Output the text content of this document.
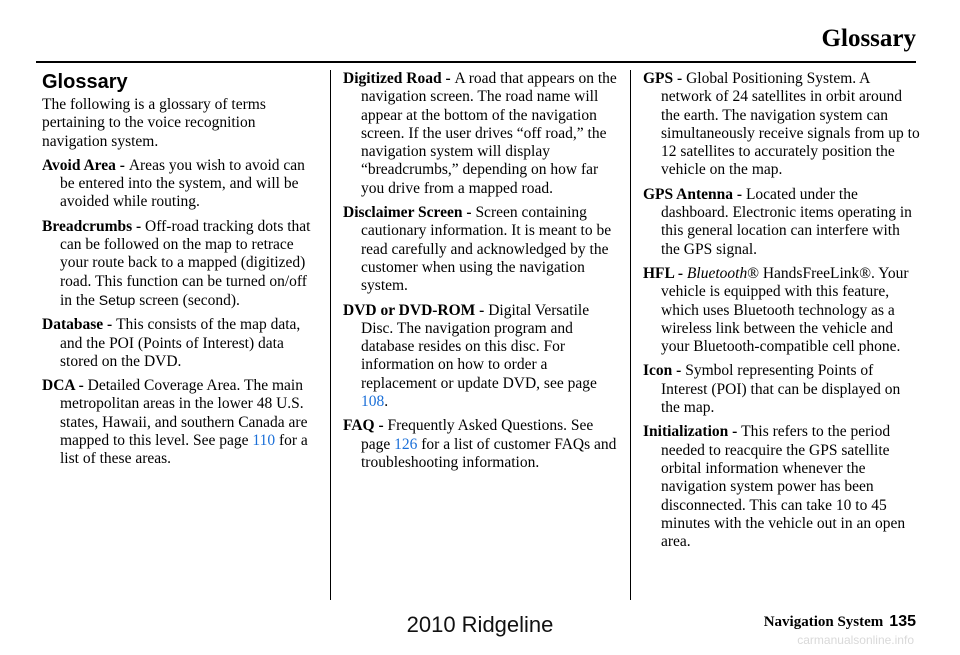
Glossary
Glossary

The following is a glossary of terms pertaining to the voice recognition navigation system.

Avoid Area - Areas you wish to avoid can be entered into the system, and will be avoided while routing.

Breadcrumbs - Off-road tracking dots that can be followed on the map to retrace your route back to a mapped (digitized) road. This function can be turned on/off in the Setup screen (second).

Database - This consists of the map data, and the POI (Points of Interest) data stored on the DVD.

DCA - Detailed Coverage Area. The main metropolitan areas in the lower 48 U.S. states, Hawaii, and southern Canada are mapped to this level. See page 110 for a list of these areas.

Digitized Road - A road that appears on the navigation screen. The road name will appear at the bottom of the navigation screen. If the user drives “off road,” the navigation system will display “breadcrumbs,” depending on how far you drive from a mapped road.

Disclaimer Screen - Screen containing cautionary information. It is meant to be read carefully and acknowledged by the customer when using the navigation system.

DVD or DVD-ROM - Digital Versatile Disc. The navigation program and database resides on this disc. For information on how to order a replacement or update DVD, see page 108.

FAQ - Frequently Asked Questions. See page 126 for a list of customer FAQs and troubleshooting information.

GPS - Global Positioning System. A network of 24 satellites in orbit around the earth. The navigation system can simultaneously receive signals from up to 12 satellites to accurately position the vehicle on the map.

GPS Antenna - Located under the dashboard. Electronic items operating in this general location can interfere with the GPS signal.

HFL - Bluetooth® HandsFreeLink®. Your vehicle is equipped with this feature, which uses Bluetooth technology as a wireless link between the vehicle and your Bluetooth-compatible cell phone.

Icon - Symbol representing Points of Interest (POI) that can be displayed on the map.

Initialization - This refers to the period needed to reacquire the GPS satellite orbital information whenever the navigation system power has been disconnected. This can take 10 to 45 minutes with the vehicle out in an open area.

Navigation System 135
2010 Ridgeline
carmanualsonline.info
